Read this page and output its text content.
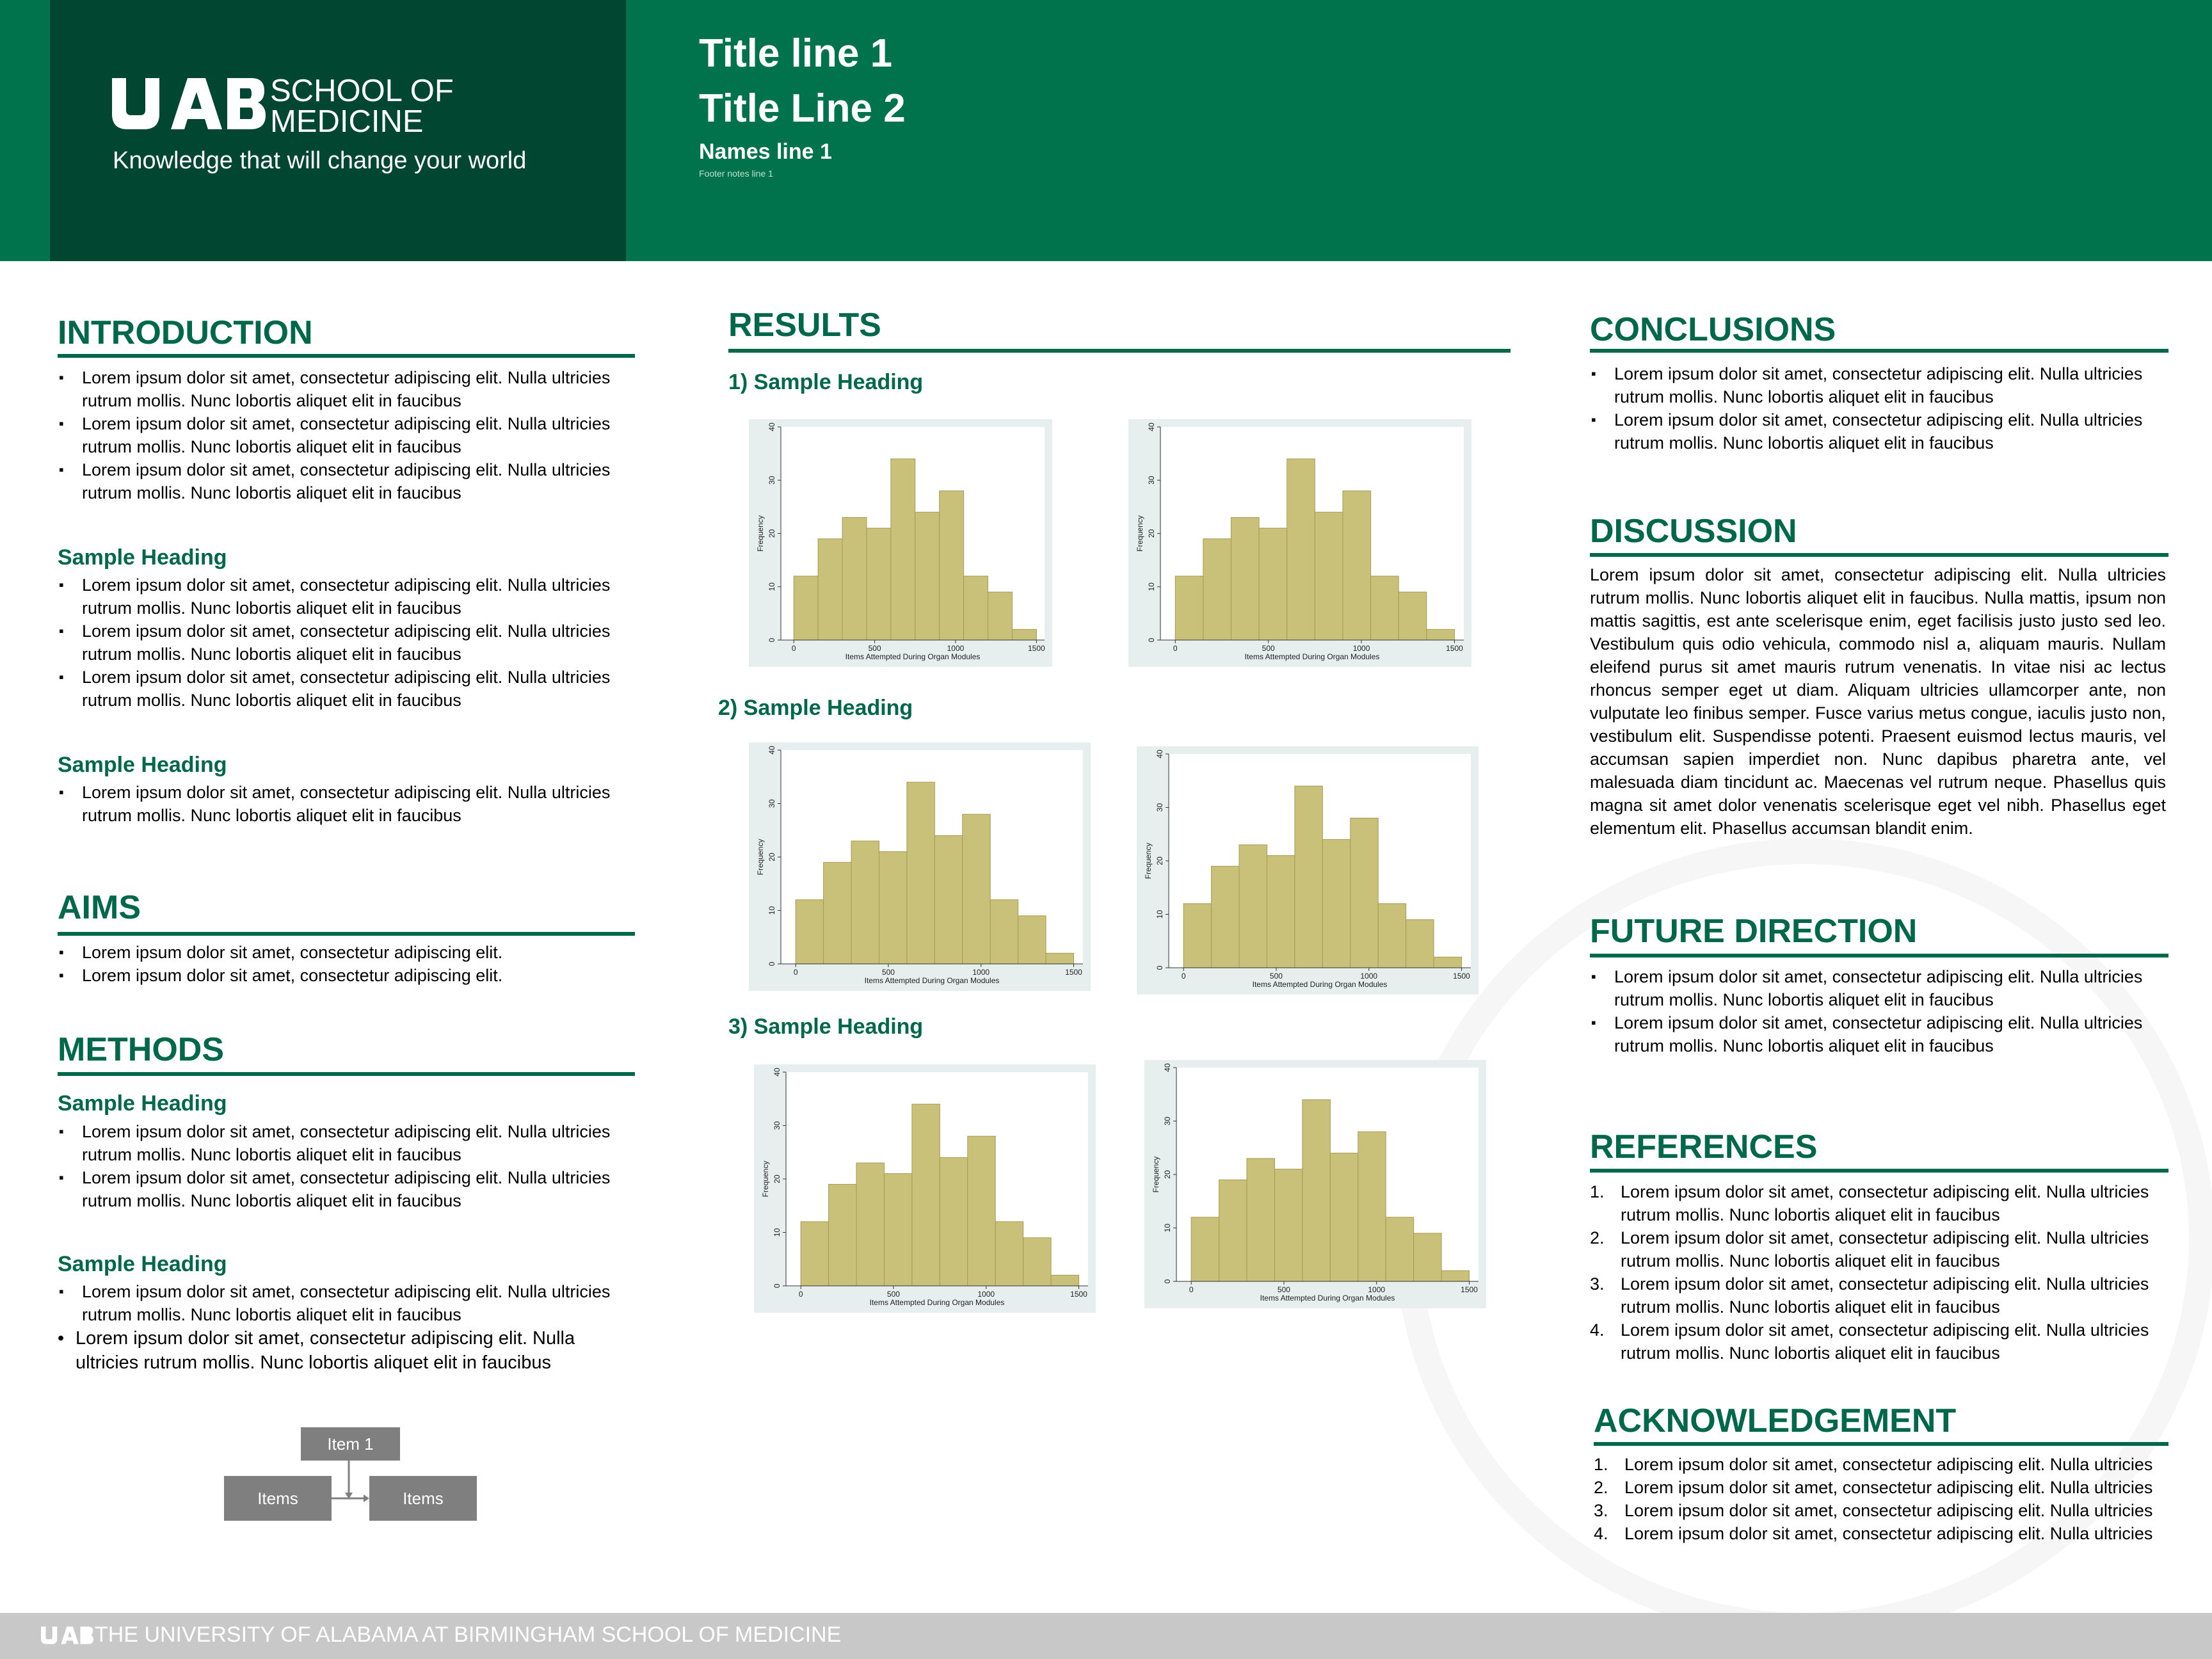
SCHOOL OF
MEDICINE
Knowledge that will change your world
Title line 1
Title Line 2
Names line 1
Footer notes line 1
INTRODUCTION
▪ Lorem ipsum dolor sit amet, consectetur adipiscing elit. Nulla ultricies
rutrum mollis. Nunc lobortis aliquet elit in faucibus
▪ Lorem ipsum dolor sit amet, consectetur adipiscing elit. Nulla ultricies
rutrum mollis. Nunc lobortis aliquet elit in faucibus
▪ Lorem ipsum dolor sit amet, consectetur adipiscing elit. Nulla ultricies
rutrum mollis. Nunc lobortis aliquet elit in faucibus
Sample Heading
▪ Lorem ipsum dolor sit amet, consectetur adipiscing elit. Nulla ultricies
rutrum mollis. Nunc lobortis aliquet elit in faucibus
▪ Lorem ipsum dolor sit amet, consectetur adipiscing elit. Nulla ultricies
rutrum mollis. Nunc lobortis aliquet elit in faucibus
▪ Lorem ipsum dolor sit amet, consectetur adipiscing elit. Nulla ultricies
rutrum mollis. Nunc lobortis aliquet elit in faucibus
Sample Heading
▪ Lorem ipsum dolor sit amet, consectetur adipiscing elit. Nulla ultricies
rutrum mollis. Nunc lobortis aliquet elit in faucibus
AIMS
▪ Lorem ipsum dolor sit amet, consectetur adipiscing elit.
▪ Lorem ipsum dolor sit amet, consectetur adipiscing elit.
METHODS
Sample Heading
▪ Lorem ipsum dolor sit amet, consectetur adipiscing elit. Nulla ultricies
rutrum mollis. Nunc lobortis aliquet elit in faucibus
▪ Lorem ipsum dolor sit amet, consectetur adipiscing elit. Nulla ultricies
rutrum mollis. Nunc lobortis aliquet elit in faucibus
Sample Heading
▪ Lorem ipsum dolor sit amet, consectetur adipiscing elit. Nulla ultricies
rutrum mollis. Nunc lobortis aliquet elit in faucibus
• Lorem ipsum dolor sit amet, consectetur adipiscing elit. Nulla
ultricies rutrum mollis. Nunc lobortis aliquet elit in faucibus
Item 1
Items	Items
RESULTS
1) Sample Heading
2) Sample Heading
3) Sample Heading
0
10
20
30
40
0	500	1000	1500
Items Attempted During Organ Modules
Frequency
0
10
20
30
40
0	500	1000	1500
Items Attempted During Organ Modules
Frequency
0
10
20
30
40
0	500	1000	1500
Items Attempted During Organ Modules
Frequency
0
10
20
30
40
0	500	1000	1500
Items Attempted During Organ Modules
Frequency
0
10
20
30
40
0	500	1000	1500
Items Attempted During Organ Modules
Frequency
0
10
20
30
40
0	500	1000	1500
Items Attempted During Organ Modules
Frequency
CONCLUSIONS
▪ Lorem ipsum dolor sit amet, consectetur adipiscing elit. Nulla ultricies
rutrum mollis. Nunc lobortis aliquet elit in faucibus
▪ Lorem ipsum dolor sit amet, consectetur adipiscing elit. Nulla ultricies
rutrum mollis. Nunc lobortis aliquet elit in faucibus
DISCUSSION
Lorem ipsum dolor sit amet, consectetur adipiscing elit. Nulla ultricies rutrum mollis. Nunc lobortis aliquet elit in faucibus. Nulla mattis, ipsum non mattis sagittis, est ante scelerisque enim, eget facilisis justo justo sed leo. Vestibulum quis odio vehicula, commodo nisl a, aliquam mauris. Nullam eleifend purus sit amet mauris rutrum venenatis. In vitae nisi ac lectus rhoncus semper eget ut diam. Aliquam ultricies ullamcorper ante, non vulputate leo finibus semper. Fusce varius metus congue, iaculis justo non, vestibulum elit. Suspendisse potenti. Praesent euismod lectus mauris, vel accumsan sapien imperdiet non. Nunc dapibus pharetra ante, vel malesuada diam tincidunt ac. Maecenas vel rutrum neque. Phasellus quis magna sit amet dolor venenatis scelerisque eget vel nibh. Phasellus eget elementum elit. Phasellus accumsan blandit enim.
FUTURE DIRECTION
▪ Lorem ipsum dolor sit amet, consectetur adipiscing elit. Nulla ultricies
rutrum mollis. Nunc lobortis aliquet elit in faucibus
▪ Lorem ipsum dolor sit amet, consectetur adipiscing elit. Nulla ultricies
rutrum mollis. Nunc lobortis aliquet elit in faucibus
REFERENCES
1. Lorem ipsum dolor sit amet, consectetur adipiscing elit. Nulla ultricies
rutrum mollis. Nunc lobortis aliquet elit in faucibus
2. Lorem ipsum dolor sit amet, consectetur adipiscing elit. Nulla ultricies
rutrum mollis. Nunc lobortis aliquet elit in faucibus
3. Lorem ipsum dolor sit amet, consectetur adipiscing elit. Nulla ultricies
rutrum mollis. Nunc lobortis aliquet elit in faucibus
4. Lorem ipsum dolor sit amet, consectetur adipiscing elit. Nulla ultricies
rutrum mollis. Nunc lobortis aliquet elit in faucibus
ACKNOWLEDGEMENT
1. Lorem ipsum dolor sit amet, consectetur adipiscing elit. Nulla ultricies
2. Lorem ipsum dolor sit amet, consectetur adipiscing elit. Nulla ultricies
3. Lorem ipsum dolor sit amet, consectetur adipiscing elit. Nulla ultricies
4. Lorem ipsum dolor sit amet, consectetur adipiscing elit. Nulla ultricies
THE UNIVERSITY OF ALABAMA AT BIRMINGHAM SCHOOL OF MEDICINE
